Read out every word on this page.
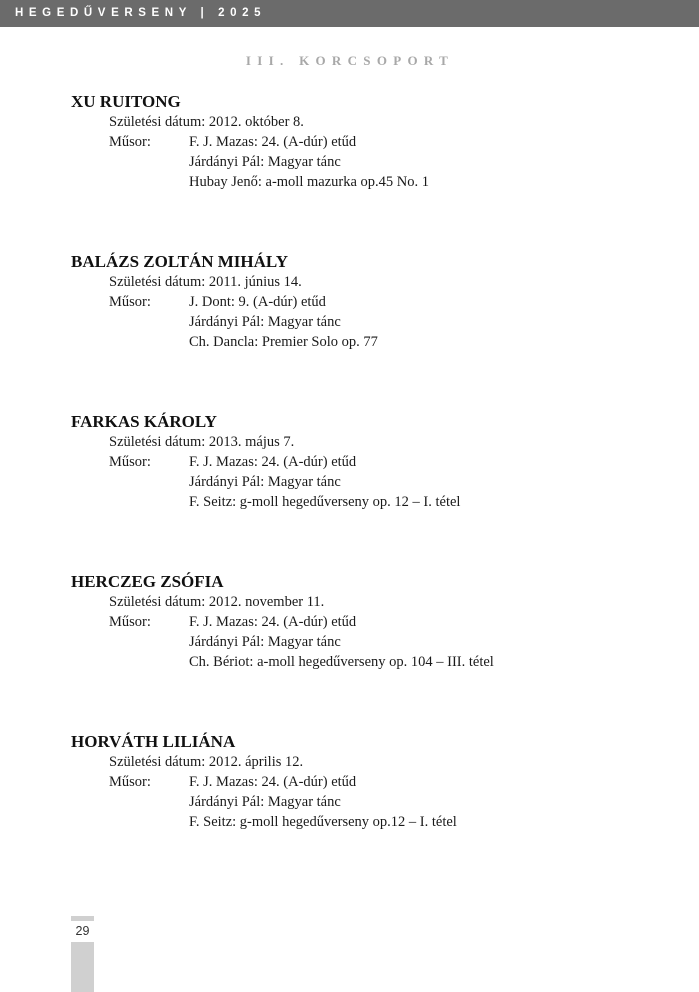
HEGEDŰVERSENY | 2025
III. KORCSOPORT
XU RUITONG
Születési dátum: 2012. október 8.
Műsor:	F. J. Mazas: 24. (A-dúr) etűd
Járdányi Pál: Magyar tánc
Hubay Jenő: a-moll mazurka op.45 No. 1
BALÁZS ZOLTÁN MIHÁLY
Születési dátum: 2011. június 14.
Műsor:	J. Dont: 9. (A-dúr) etűd
Járdányi Pál: Magyar tánc
Ch. Dancla: Premier Solo op. 77
FARKAS KÁROLY
Születési dátum: 2013. május 7.
Műsor:	F. J. Mazas: 24. (A-dúr) etűd
Járdányi Pál: Magyar tánc
F. Seitz: g-moll hegedűverseny op. 12 – I. tétel
HERCZEG ZSÓFIA
Születési dátum: 2012. november 11.
Műsor:	F. J. Mazas: 24. (A-dúr) etűd
Járdányi Pál: Magyar tánc
Ch. Bériot: a-moll hegedűverseny op. 104 – III. tétel
HORVÁTH LILIÁNA
Születési dátum: 2012. április 12.
Műsor:	F. J. Mazas: 24. (A-dúr) etűd
Járdányi Pál: Magyar tánc
F. Seitz: g-moll hegedűverseny op.12 – I. tétel
29
